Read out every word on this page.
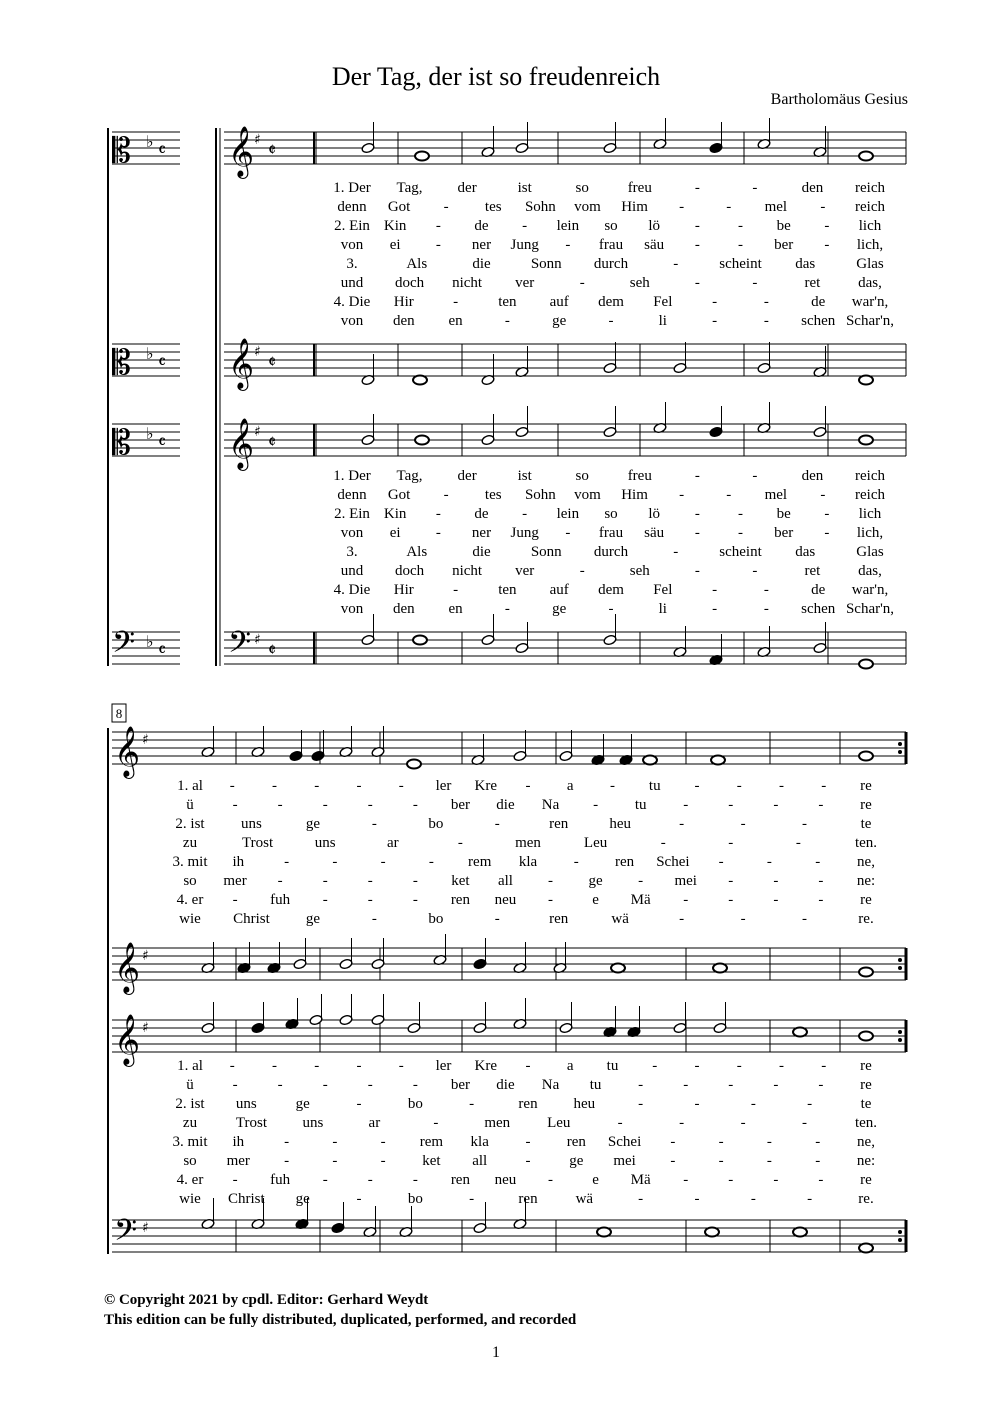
Der Tag, der ist so freudenreich
Bartholomäus Gesius
𝄡 𝄞
𝄡 𝄞
𝄡 𝄞
𝄢	𝄢
𝄞
𝄞
𝄞
𝄢
♭ 𝄴	♯ 𝄵
♭ 𝄴	♯ 𝄵
♭ 𝄴	♯ 𝄵
♭ 𝄴	♯ 𝄵
♯
♯
♯
♯
1. Der Tag, der	ist	so	freu	-	-	den reich
denn Got - tes Sohn vom Him -	- mel - reich
2. Ein Kin - de - lein so lö -	- be - lich
von ei - ner Jung - frau säu -	- ber - lich,
3.	Als	die	Sonn durch	-	scheint das	Glas
und doch nicht ver	-	seh	-	-	ret	das,
4. Die Hir	-	ten auf dem Fel	-	-	de war'n,
von den en	-	ge	-	li	-	- schen Schar'n,
1. Der Tag, der	ist	so	freu	-	-	den reich
denn Got - tes Sohn vom Him -	- mel - reich
2. Ein Kin - de - lein so lö -	- be - lich
von ei - ner Jung - frau säu -	- ber - lich,
3.	Als	die	Sonn durch	-	scheint das	Glas
und doch nicht ver	-	seh	-	-	ret	das,
4. Die Hir	-	ten auf dem Fel	-	-	de war'n,
von den en	-	ge	-	li	-	- schen Schar'n,
1. al - - - - - ler Kre - a - tu - - - - re
ü	-	-	-	-	- ber die Na - tu -	-	-	- re
2. ist uns	ge	-	bo	-	ren	heu	-	-	-	te
zu	Trost	uns	ar	-	men	Leu	-	-	-	ten.
3. mit ih	-	-	-	- rem kla - ren Schei -	-	- ne,
so mer -	-	-	- ket all - ge - mei -	-	- ne:
4. er - fuh -	-	- ren neu -	e Mä -	-	-	- re
wie Christ ge	-	bo	-	ren	wä	-	-	-	re.
1. al - - - - - ler Kre - a tu - - - - - re
ü	-	-	-	-	- ber die Na tu -	-	-	-	- re
2. ist uns	ge	-	bo	-	ren heu	-	-	-	-	te
zu	Trost uns	ar	-	men Leu	-	-	-	-	ten.
3. mit ih	-	-	- rem kla - ren Schei -	-	-	- ne,
so mer -	-	- ket all	-	ge mei -	-	-	- ne:
4. er - fuh -	-	- ren neu -	e Mä -	-	-	- re
wie Christ ge	-	bo	-	ren	wä	-	-	-	-	re.
8
© Copyright 2021 by cpdl. Editor: Gerhard Weydt
This edition can be fully distributed, duplicated, performed, and recorded
1
